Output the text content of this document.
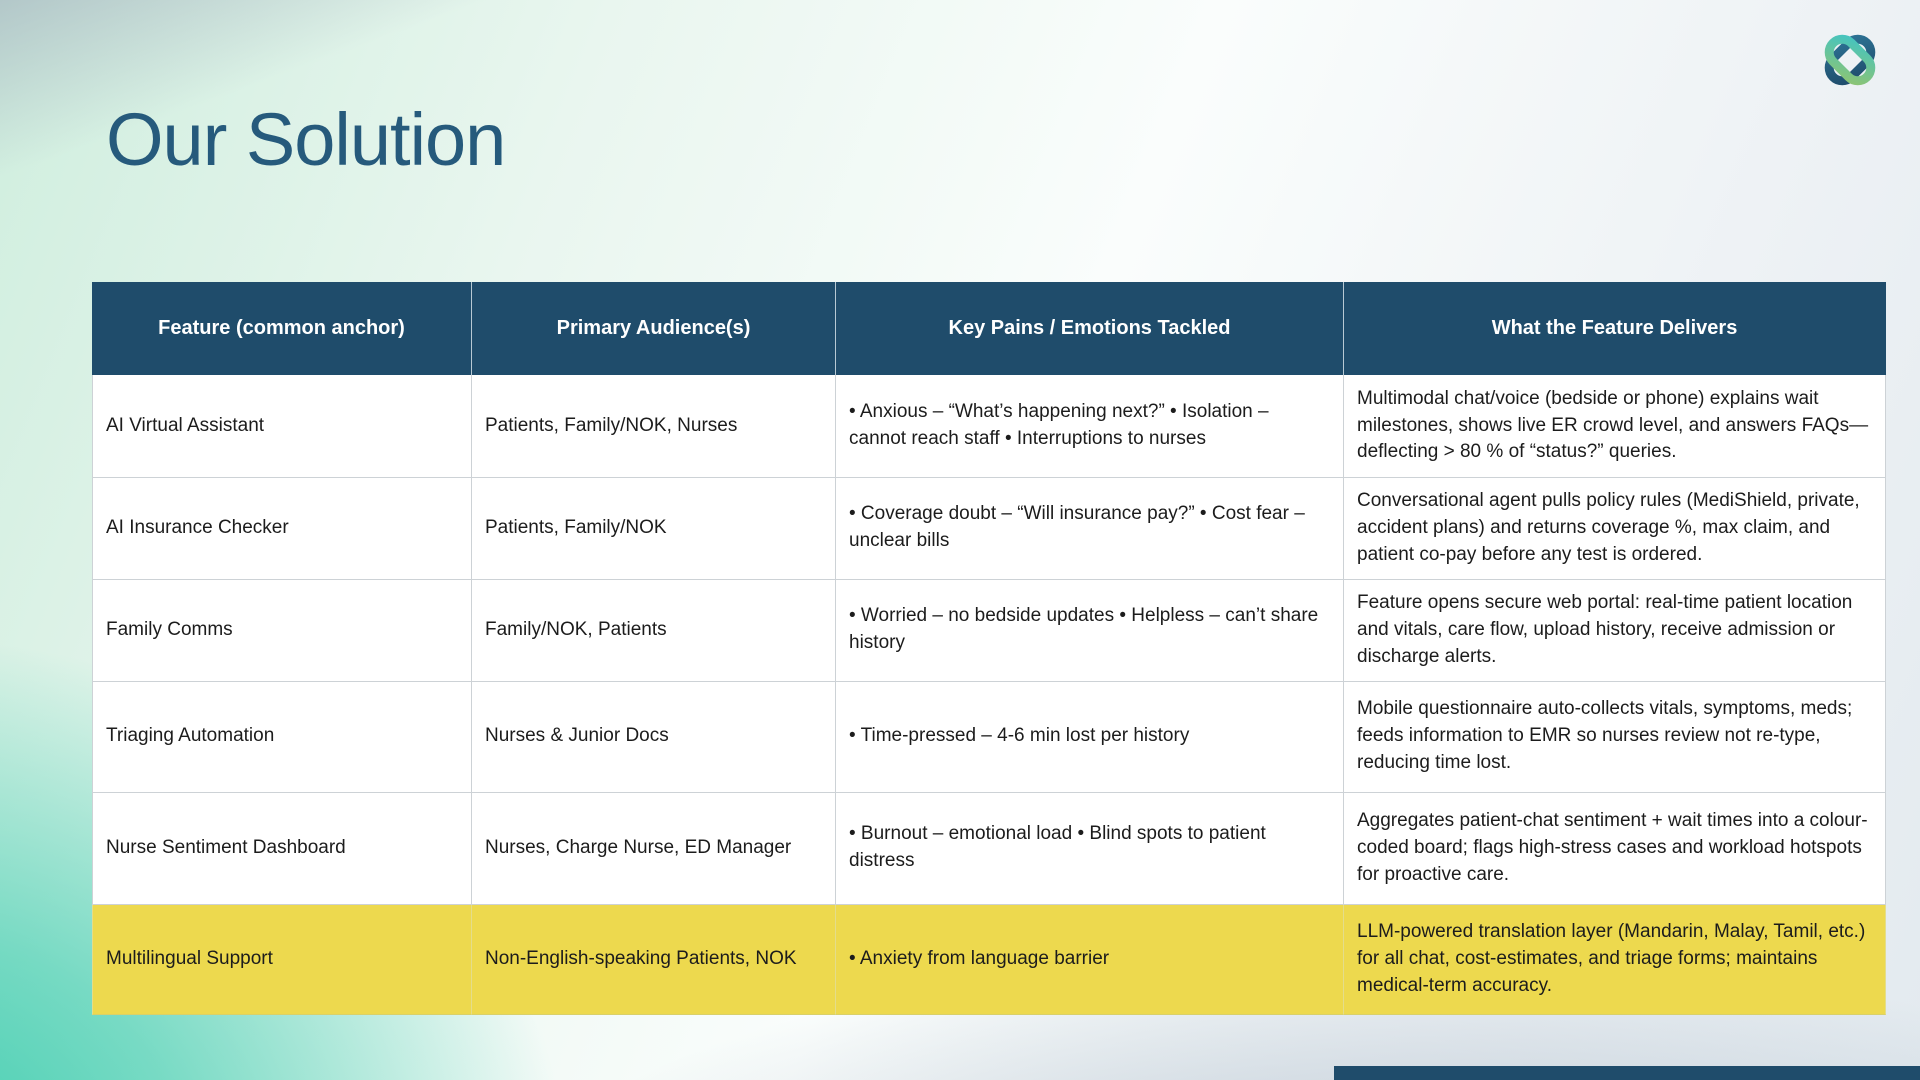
Our Solution
Feature (common anchor)	Primary Audience(s)	Key Pains / Emotions Tackled	What the Feature Delivers
AI Virtual Assistant	Patients, Family/NOK, Nurses	• Anxious – “What’s happening next?” • Isolation – cannot reach staff • Interruptions to nurses	Multimodal chat/voice (bedside or phone) explains wait milestones, shows live ER crowd level, and answers FAQs—deflecting > 80 % of “status?” queries.
AI Insurance Checker	Patients, Family/NOK	• Coverage doubt – “Will insurance pay?” • Cost fear – unclear bills	Conversational agent pulls policy rules (MediShield, private, accident plans) and returns coverage %, max claim, and patient co-pay before any test is ordered.
Family Comms	Family/NOK, Patients	• Worried – no bedside updates • Helpless – can’t share history	Feature opens secure web portal: real-time patient location and vitals, care flow, upload history, receive admission or discharge alerts.
Triaging Automation	Nurses & Junior Docs	• Time-pressed – 4-6 min lost per history	Mobile questionnaire auto-collects vitals, symptoms, meds; feeds information to EMR so nurses review not re-type, reducing time lost.
Nurse Sentiment Dashboard	Nurses, Charge Nurse, ED Manager	• Burnout – emotional load • Blind spots to patient distress	Aggregates patient-chat sentiment + wait times into a colour-coded board; flags high-stress cases and workload hotspots for proactive care.
Multilingual Support	Non-English-speaking Patients, NOK	• Anxiety from language barrier	LLM-powered translation layer (Mandarin, Malay, Tamil, etc.) for all chat, cost-estimates, and triage forms; maintains medical-term accuracy.
